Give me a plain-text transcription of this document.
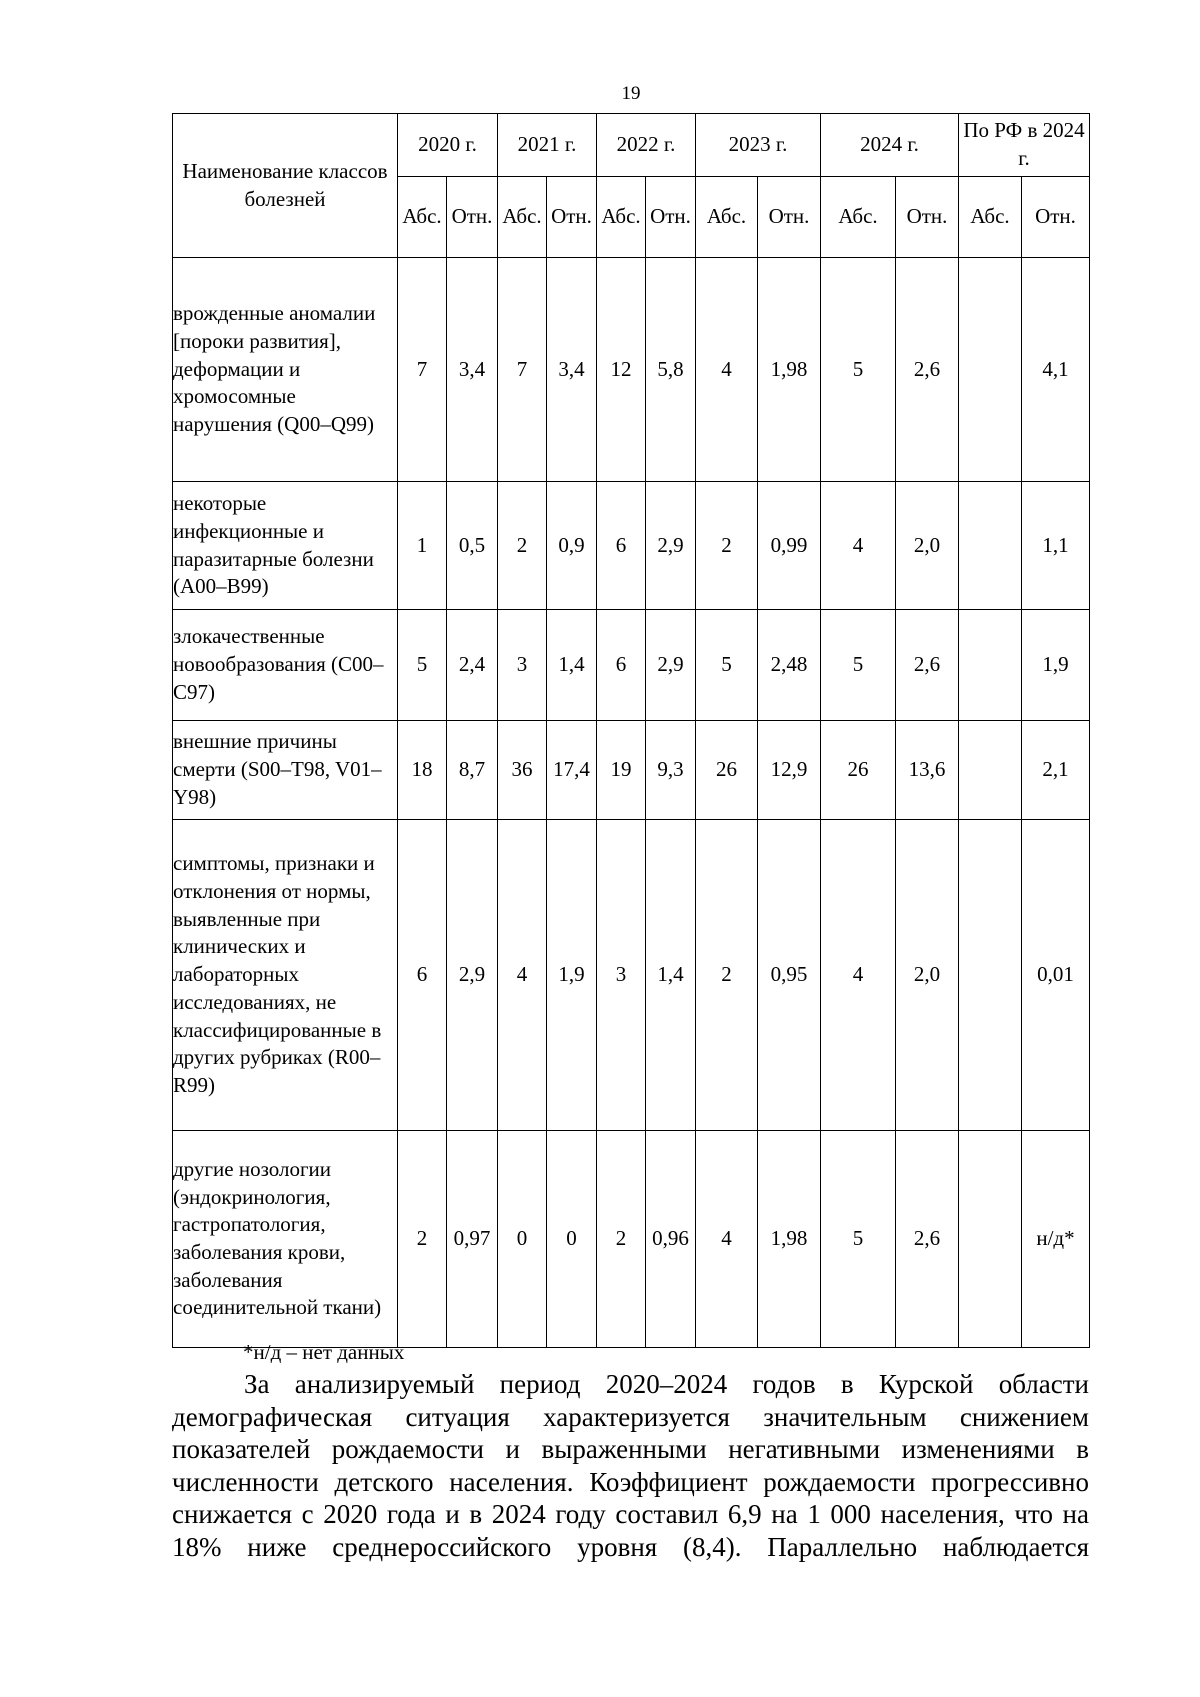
19
Наименование классов болезней	2020 г.		2021 г.		2022 г.		2023 г.		2024 г.		По РФ в 2024 г.	
	Абс.	Отн.	Абс.	Отн.	Абс.	Отн.	Абс.	Отн.	Абс.	Отн.	Абс.	Отн.
врожденные аномалии [пороки развития], деформации и хромосомные нарушения (Q00–Q99)	7	3,4	7	3,4	12	5,8	4	1,98	5	2,6		4,1
некоторые инфекционные и паразитарные болезни (A00–B99)	1	0,5	2	0,9	6	2,9	2	0,99	4	2,0		1,1
злокачественные новообразования (C00–C97)	5	2,4	3	1,4	6	2,9	5	2,48	5	2,6		1,9
внешние причины смерти (S00–T98, V01–Y98)	18	8,7	36	17,4	19	9,3	26	12,9	26	13,6		2,1
симптомы, признаки и отклонения от нормы, выявленные при клинических и лабораторных исследованиях, не классифицированные в других рубриках (R00–R99)	6	2,9	4	1,9	3	1,4	2	0,95	4	2,0		0,01
другие нозологии (эндокринология, гастропатология, заболевания крови, заболевания соединительной ткани)	2	0,97	0	0	2	0,96	4	1,98	5	2,6		н/д*
*н/д – нет данных
За анализируемый период 2020–2024 годов в Курской области
демографическая ситуация характеризуется значительным снижением
показателей рождаемости и выраженными негативными изменениями в
численности детского населения. Коэффициент рождаемости прогрессивно
снижается с 2020 года и в 2024 году составил 6,9 на 1 000 населения, что на
18% ниже среднероссийского уровня (8,4). Параллельно наблюдается
